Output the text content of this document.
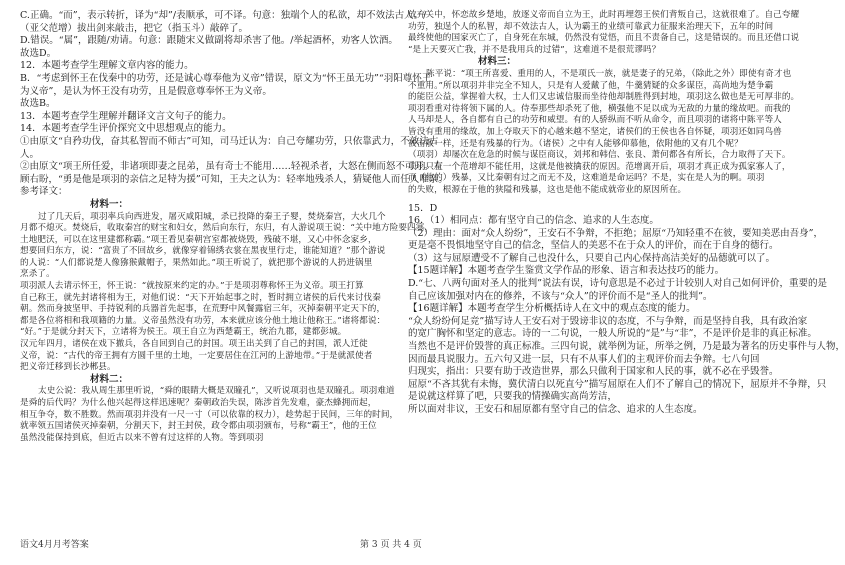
C.正确。“而”，表示转折，译为“却”/表顺承，可不译。句意：独端个人的私欲，却不效法古人。/

（亚父范增）拔出剑来敲击，把它（指玉斗）敲碎了。

D.错误。“属”，跟随/劝请。句意：跟随宋义做副将却杀害了他。/举起酒杯，劝客人饮酒。

故选D。

12．本题考查学生理解文章内容的能力。

B．“考虑到怀王在伐秦中的功劳，还是诚心尊奉他为义帝”错误，原文为“怀王虽无功”“羽阳尊怀王

为义帝”，是认为怀王没有功劳，且是假意尊奉怀王为义帝。

故选B。

13．本题考查学生理解并翻译文言文句子的能力。

14．本题考查学生评价探究文中思想观点的能力。

①由原文“自矜功伐，奋其私智而不师古”可知，司马迁认为：自己夸耀功劳，只依靠武力，不效法古

人。

②由原文“项王所任爱，非诸项即妻之昆弟，虽有奇士不能用……轻视杀者，大怒在侧而怒不可开。左

顾右盼，“勇是他是项羽的亲信之足特为援”可知，王夫之认为：轻率地残杀人，猜疑他人而任人唯亲。

参考译文：

材料一：

过了几天后，项羽率兵向西进发，屠灭咸阳城，杀已投降的秦王子婴，焚烧秦宫，大火几个

月都不熄灭。焚烧后，收取秦宫的财宝和妇女，然后向东行，东归，有人游说项王说：“关中地方险要四塞，

土地肥沃，可以在这里建都称霸。”项王看见秦朝宫室都被烧毁，残破不堪，又心中怀念家乡，

想要回归东方，说：“富贵了不回故乡，就像穿着锦绣衣裳在黑夜里行走，谁能知道？”那个游说

的人说：“人们都说楚人像猕猴戴帽子，果然如此。”项王听说了，就把那个游说的人扔进锅里

烹杀了。

项羽派人去请示怀王，怀王说：“就按原来约定的办。”于是项羽尊称怀王为义帝。项王打算

自己称王，就先封诸将相为王，对他们说：“天下开始起事之时，暂时拥立诸侯的后代来讨伐秦

朝。然而身披坚甲、手持锐利的兵器首先起事，在荒野中风餐露宿三年，灭掉秦朝平定天下的，

都是各位将相和我项籍的力量。义帝虽然没有功劳，本来就应该分他土地让他称王。”诸将都说：

“好。”于是就分封天下，立诸将为侯王。项王自立为西楚霸王，统治九郡，建都彭城。

汉元年四月，诸侯在戏下撤兵，各自回到自己的封国。项王出关到了自己的封国，派人迁徙

义帝，说：“古代的帝王拥有方圆千里的土地，一定要居住在江河的上游地带。”于是就派使者

把义帝迁移到长沙郴县。

材料二：

太史公说：我从周生那里听说，“舜的眼睛大概是双瞳孔”，又听说项羽也是双瞳孔。项羽难道

是舜的后代吗？为什么他兴起得这样迅速呢？秦朝政治失误，陈涉首先发难，豪杰蜂拥而起，

相互争夺，数不胜数。然而项羽并没有一尺一寸（可以依靠的权力），趁势起于民间，三年的时间，

就率领五国诸侯灭掉秦朝，分割天下，封王封侯，政令都由项羽颁布，号称“霸王”，他的王位

虽然没能保持到底，但近古以来不曾有过这样的人物。等到项羽

放弃关中，怀恋故乡楚地，放逐义帝而自立为王，此时再埋怨王侯们背叛自己，这就很难了。自己夸耀

功劳，独逞个人的私智，却不效法古人，认为霸王的业绩可靠武力征服来治理天下，五年的时间

最终使他的国家灭亡了，自身死在东城，仍然没有觉悟，而且不责备自己，这是错误的。而且还借口说

“是上天要灭亡我，并不是我用兵的过错”，这难道不是很荒谬吗？

材料三：

陈平说：“项王所喜爱、重用的人，不是项氏一族，就是妻子的兄弟，（除此之外）即使有奇才也

不重用。”所以项羽并非完全不知人，只是有人爱戴了他，牛羹猜疑的众多谋臣，高尚地为楚争霸

的能臣公益，掌握着大权，士人们又忠诚信服而坐待他却制胜得到封地，项羽这么做也是无可厚非的。

项羽看重对待将领下属的人。侍奉那些却杀死了他，横强他不足以成为无敌的力量的缘故吧。而我的

人马却是人，各自都有自己的功劳和威望。有的人骄纵而不听从命令，而且项羽的诸将中陈平等人

皆没有重用的缘故，加上夺取天下的心越来越不坚定，诸侯们的王侯也各自怀疑，项羽还如同鸟兽

被击散一样，还是有残暴的行为。（诸侯）之中有人能够仰慕他，依附他的又有几个呢？

（项羽）却屡次在危急的时候与谋臣商议，刘邦和韩信、张良、萧何都各有所长，合力取得了天下。

项羽只有一个范增却不能任用，这就是他被擒获的原因。范增离开后，项羽才真正成为孤家寡人了，

而（他的）残暴，又比秦朝有过之而无不及，这难道是命运吗？不是，实在是人为的啊。项羽

的失败，根源在于他的狭隘和残暴，这也是他不能成就帝业的原因所在。

15．D

16．（1）相同点：都有坚守自己的信念、追求的人生态度。

（2）理由：面对“众人纷纷”，王安石不争辩，不拒绝；屈原“乃知轻重不在彼，要知美恶由吾身”，

更是毫不畏惧地坚守自己的信念，坚信人的美恶不在于众人的评价，而在于自身的德行。

（3）这与屈原遭受不了解自己也没什么，只要自己内心保持高洁美好的品德就可以了。

【15题详解】本题考查学生鉴赏文学作品的形象、语言和表达技巧的能力。

D.“七、八两句面对圣人的批判”说法有误，诗句意思是不必过于计较别人对自己如何评价，重要的是

自己应该加强对内在的修养，不该与“众人”的评价而不是“圣人的批判”。

【16题详解】本题考查学生分析概括诗人在文中的观点态度的能力。

“众人纷纷何足竞”描写诗人王安石对于毁谤非议的态度，不与争辩，而是坚持自我，具有政治家

的宽广胸怀和坚定的意志。诗的一二句说，一般人所说的“是”与“非”，不是评价是非的真正标准。

当然也不是评价毁誉的真正标准。三四句说，就举例为证，所举之例，乃是最为著名的历史事件与人物，

因而最具说服力。五六句又进一层，只有不从事人们的主观评价而去争辩。七八句回

归现实，指出：只要有助于改造世界，那么只做利于国家和人民的事，就不必在乎毁誉。

屈原“不吝其犹有未悔，冀伏清白以死直兮”描写屈原在人们不了解自己的情况下，屈原并不争辩，只

是说就这样算了吧，只要我的情操确实高尚芳洁，

所以面对非议，王安石和屈原都有坚守自己的信念、追求的人生态度。

语文4月月考答案	第 3 页 共 4 页
